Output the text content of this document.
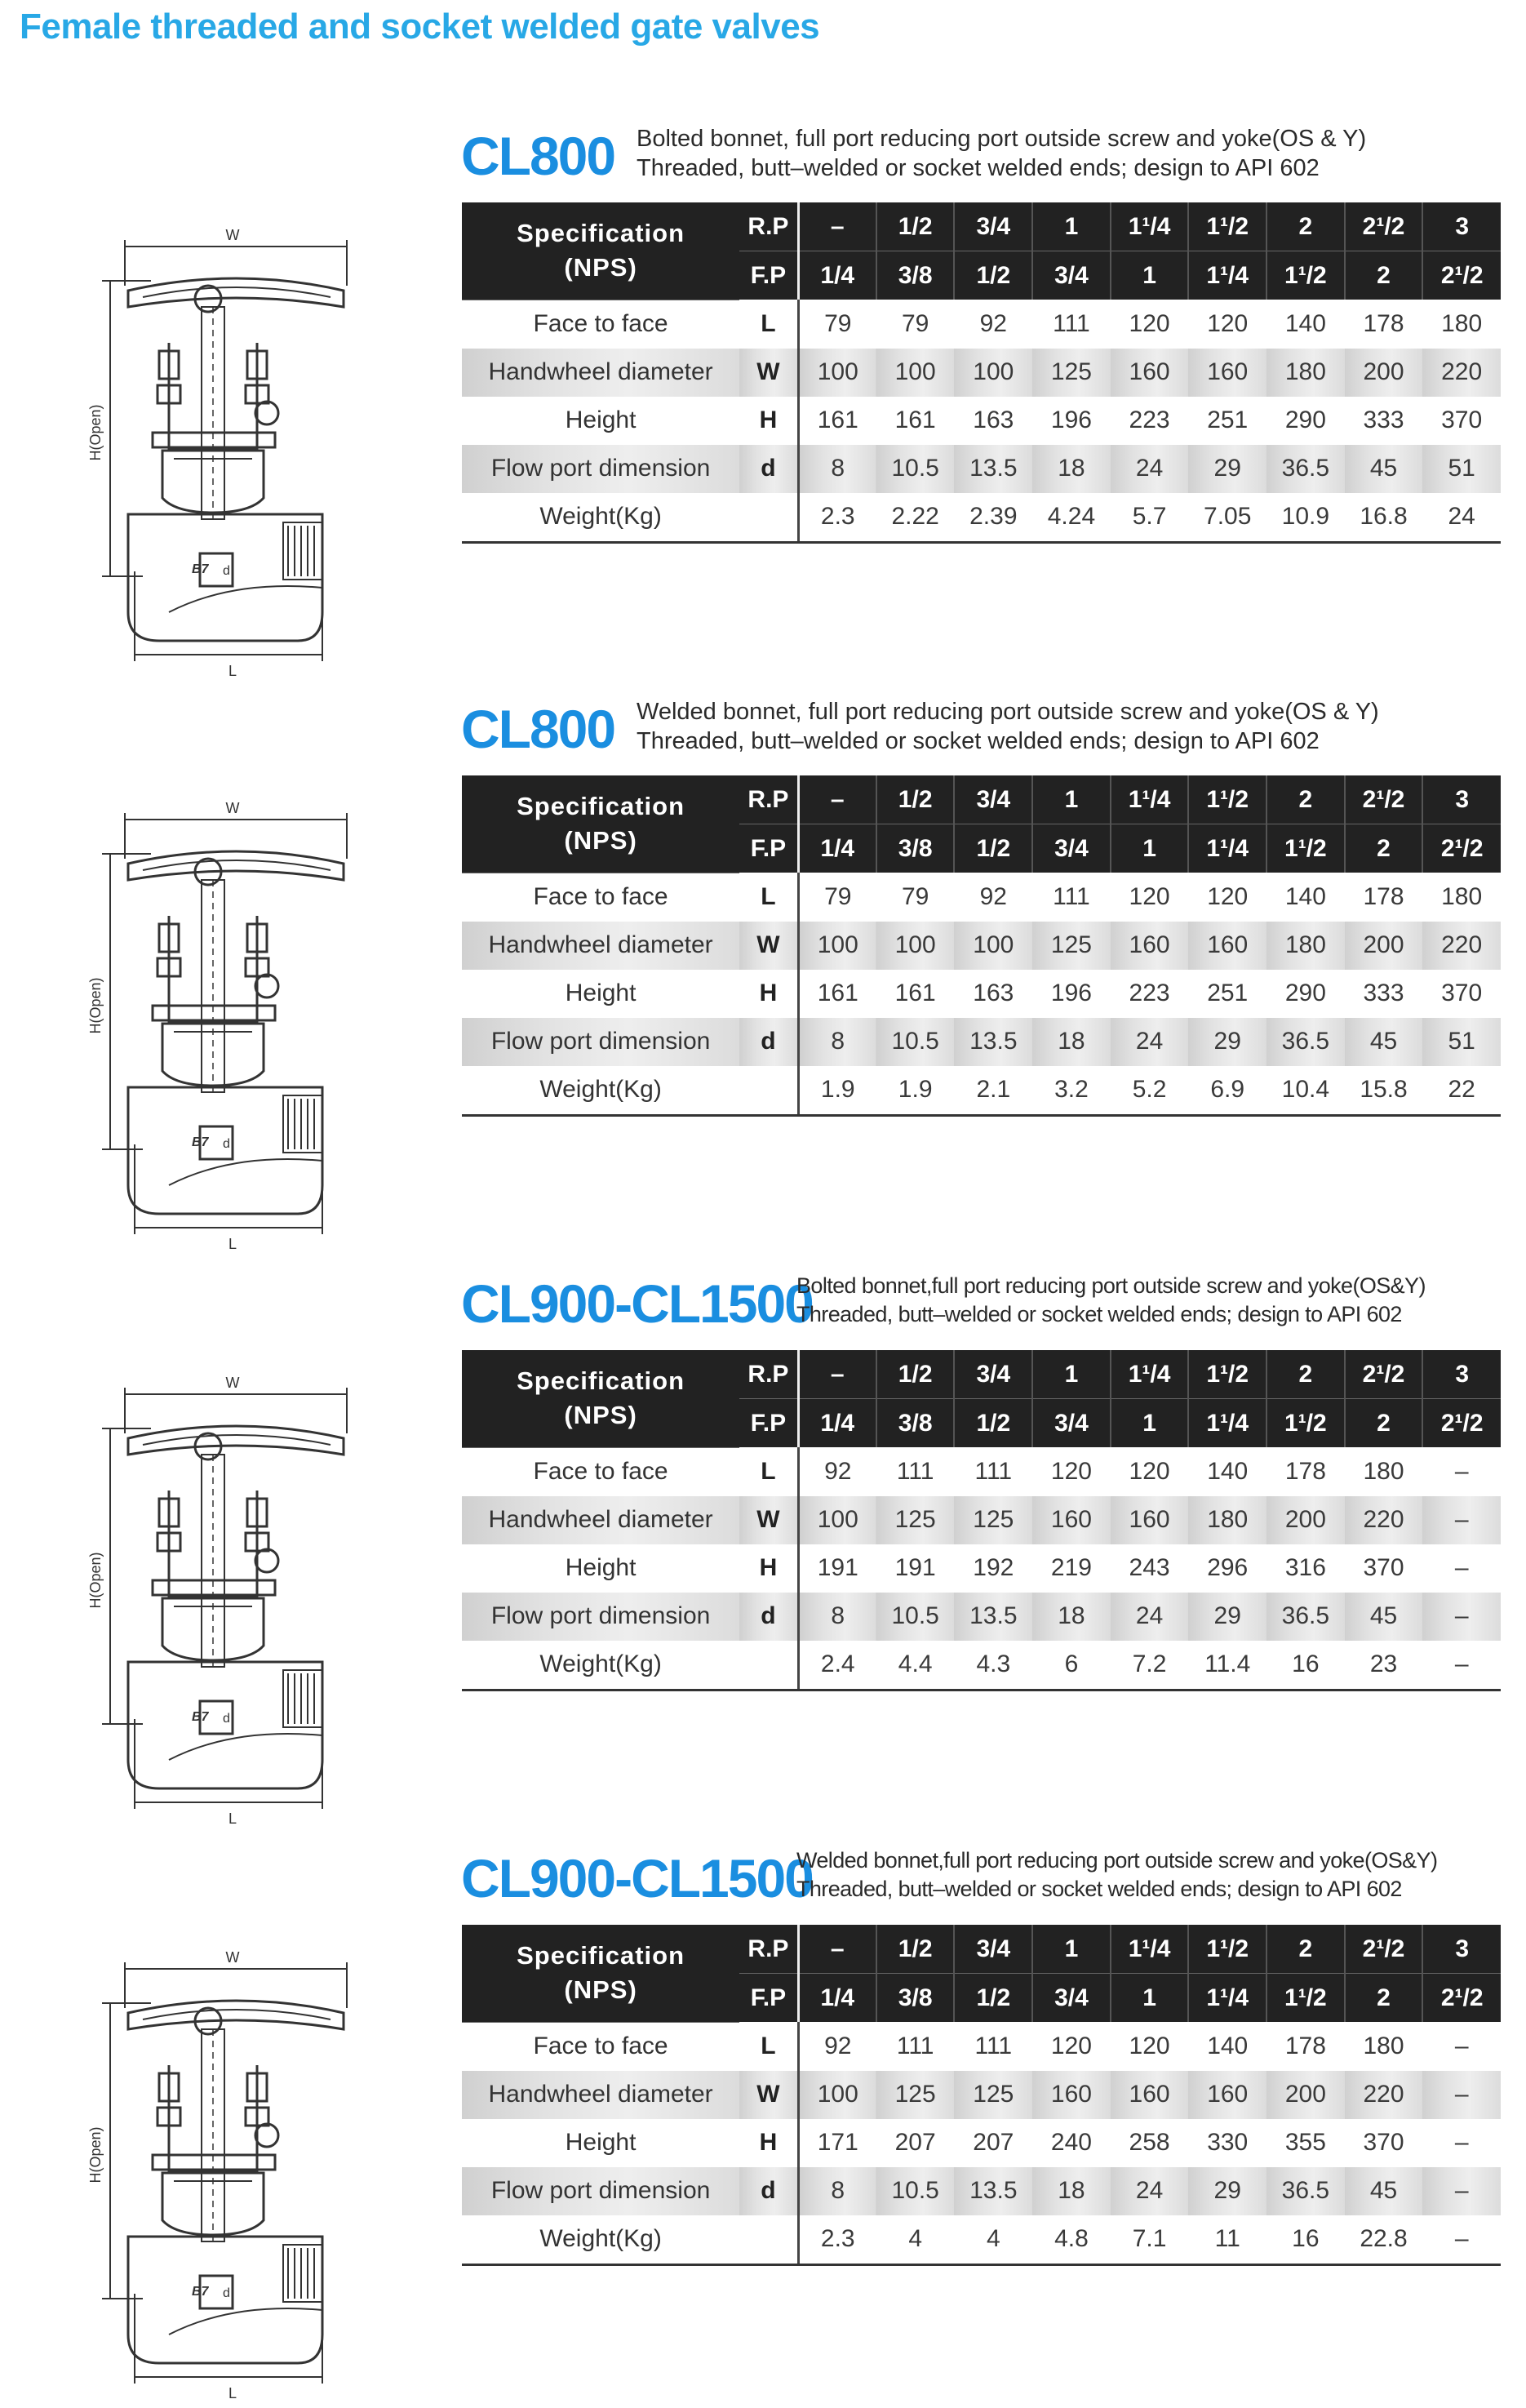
Female threaded and socket welded gate valves
W
H(Open)
L
B7 d
CL800 Bolted bonnet, full port reducing port outside screw and yoke(OS & Y)
Threaded, butt–welded or socket welded ends; design to API 602
Specification
(NPS)	R.P	–	1/2	3/4	1	1¹/4	1¹/2	2	2¹/2	3
	F.P	1/4	3/8	1/2	3/4	1	1¹/4	1¹/2	2	2¹/2
Face to face	L	79	79	92	111	120	120	140	178	180
Handwheel diameter	W	100	100	100	125	160	160	180	200	220
Height	H	161	161	163	196	223	251	290	333	370
Flow port dimension	d	8	10.5	13.5	18	24	29	36.5	45	51
Weight(Kg)		2.3	2.22	2.39	4.24	5.7	7.05	10.9	16.8	24
W
H(Open)
L
B7 d
CL800 Welded bonnet, full port reducing port outside screw and yoke(OS & Y)
Threaded, butt–welded or socket welded ends; design to API 602
Specification
(NPS)	R.P	–	1/2	3/4	1	1¹/4	1¹/2	2	2¹/2	3
	F.P	1/4	3/8	1/2	3/4	1	1¹/4	1¹/2	2	2¹/2
Face to face	L	79	79	92	111	120	120	140	178	180
Handwheel diameter	W	100	100	100	125	160	160	180	200	220
Height	H	161	161	163	196	223	251	290	333	370
Flow port dimension	d	8	10.5	13.5	18	24	29	36.5	45	51
Weight(Kg)		1.9	1.9	2.1	3.2	5.2	6.9	10.4	15.8	22
W
H(Open)
L
B7 d
CL900-CL1500
Bolted bonnet,full port reducing port outside screw and yoke(OS&Y)
Threaded, butt–welded or socket welded ends; design to API 602
Specification
(NPS)	R.P	–	1/2	3/4	1	1¹/4	1¹/2	2	2¹/2	3
	F.P	1/4	3/8	1/2	3/4	1	1¹/4	1¹/2	2	2¹/2
Face to face	L	92	111	111	120	120	140	178	180	–
Handwheel diameter	W	100	125	125	160	160	180	200	220	–
Height	H	191	191	192	219	243	296	316	370	–
Flow port dimension	d	8	10.5	13.5	18	24	29	36.5	45	–
Weight(Kg)		2.4	4.4	4.3	6	7.2	11.4	16	23	–
W
H(Open)
L
B7 d
CL900-CL1500
Welded bonnet,full port reducing port outside screw and yoke(OS&Y)
Threaded, butt–welded or socket welded ends; design to API 602
Specification
(NPS)	R.P	–	1/2	3/4	1	1¹/4	1¹/2	2	2¹/2	3
	F.P	1/4	3/8	1/2	3/4	1	1¹/4	1¹/2	2	2¹/2
Face to face	L	92	111	111	120	120	140	178	180	–
Handwheel diameter	W	100	125	125	160	160	160	200	220	–
Height	H	171	207	207	240	258	330	355	370	–
Flow port dimension	d	8	10.5	13.5	18	24	29	36.5	45	–
Weight(Kg)		2.3	4	4	4.8	7.1	11	16	22.8	–
